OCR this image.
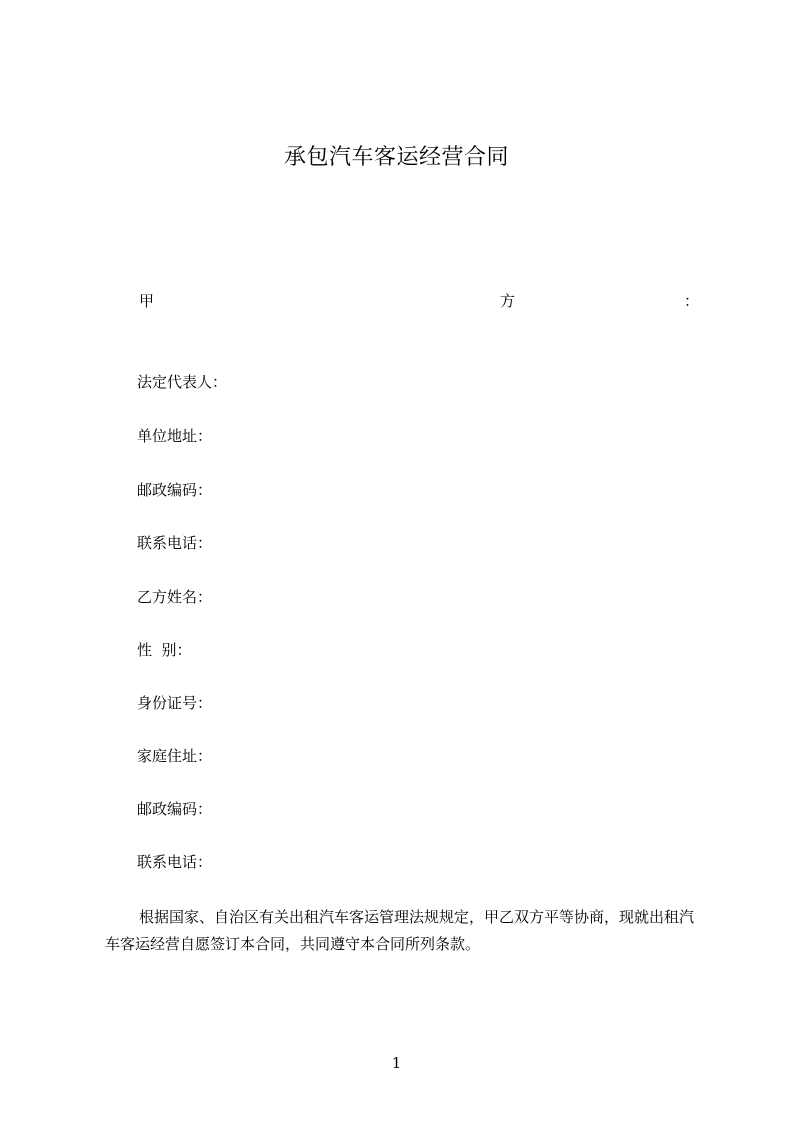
承包汽车客运经营合同
甲	方	：
法定代表人：
单位地址：
邮政编码：
联系电话：
乙方姓名：
性  别：
身份证号：
家庭住址：
邮政编码：
联系电话：
根据国家、自治区有关出租汽车客运管理法规规定，甲乙双方平等协商，现就出租汽车客运经营自愿签订本合同，共同遵守本合同所列条款。
1
